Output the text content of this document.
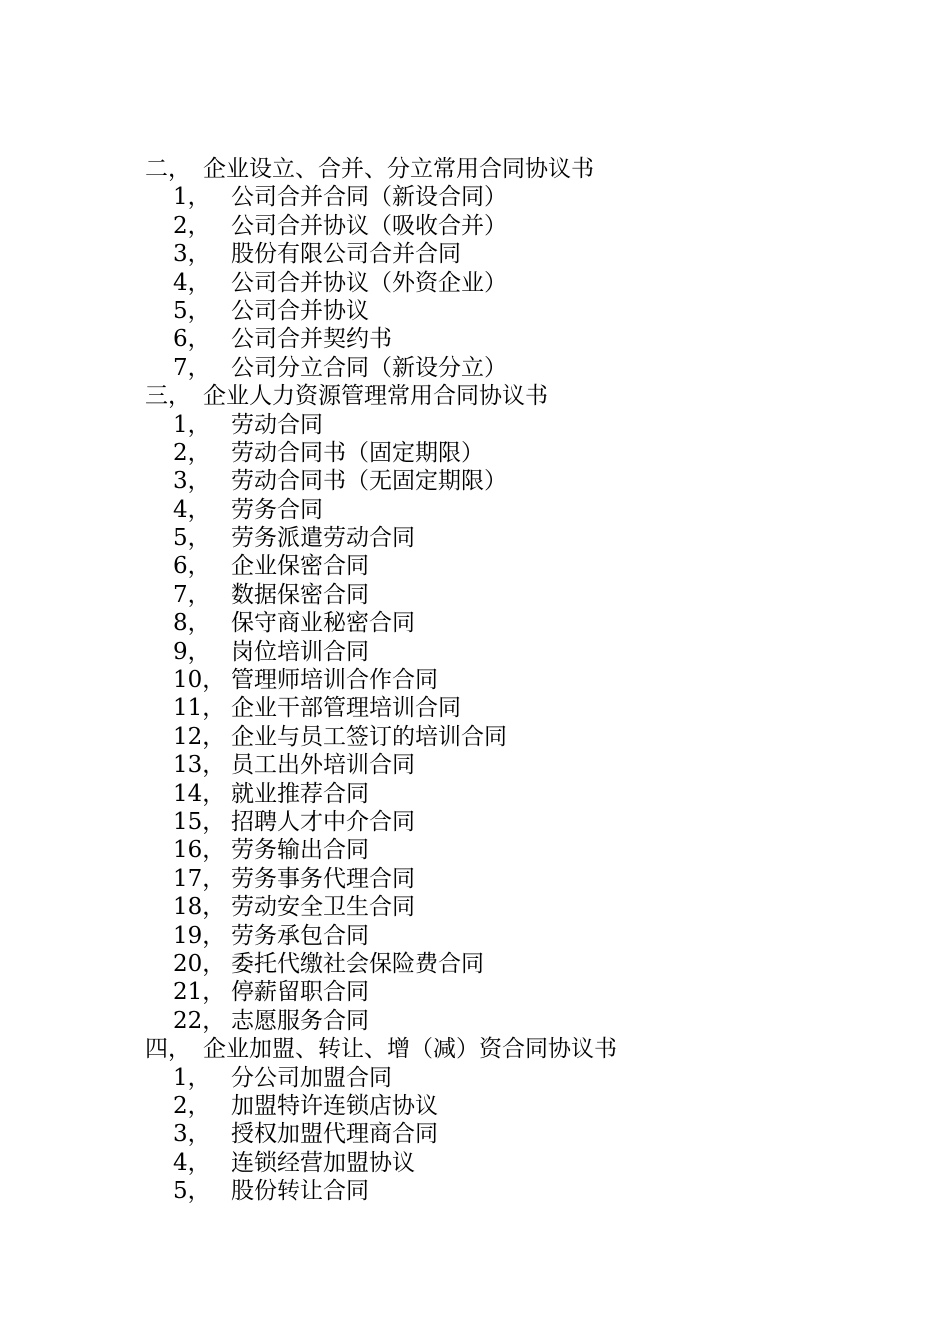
二， 企业设立、合并、分立常用合同协议书
1， 公司合并合同（新设合同）
2， 公司合并协议（吸收合并）
3， 股份有限公司合并合同
4， 公司合并协议（外资企业）
5， 公司合并协议
6， 公司合并契约书
7， 公司分立合同（新设分立）
三， 企业人力资源管理常用合同协议书
1， 劳动合同
2， 劳动合同书（固定期限）
3， 劳动合同书（无固定期限）
4， 劳务合同
5， 劳务派遣劳动合同
6， 企业保密合同
7， 数据保密合同
8， 保守商业秘密合同
9， 岗位培训合同
10， 管理师培训合作合同
11， 企业干部管理培训合同
12， 企业与员工签订的培训合同
13， 员工出外培训合同
14， 就业推荐合同
15， 招聘人才中介合同
16， 劳务输出合同
17， 劳务事务代理合同
18， 劳动安全卫生合同
19， 劳务承包合同
20， 委托代缴社会保险费合同
21， 停薪留职合同
22， 志愿服务合同
四， 企业加盟、转让、增（减）资合同协议书
1， 分公司加盟合同
2， 加盟特许连锁店协议
3， 授权加盟代理商合同
4， 连锁经营加盟协议
5， 股份转让合同
